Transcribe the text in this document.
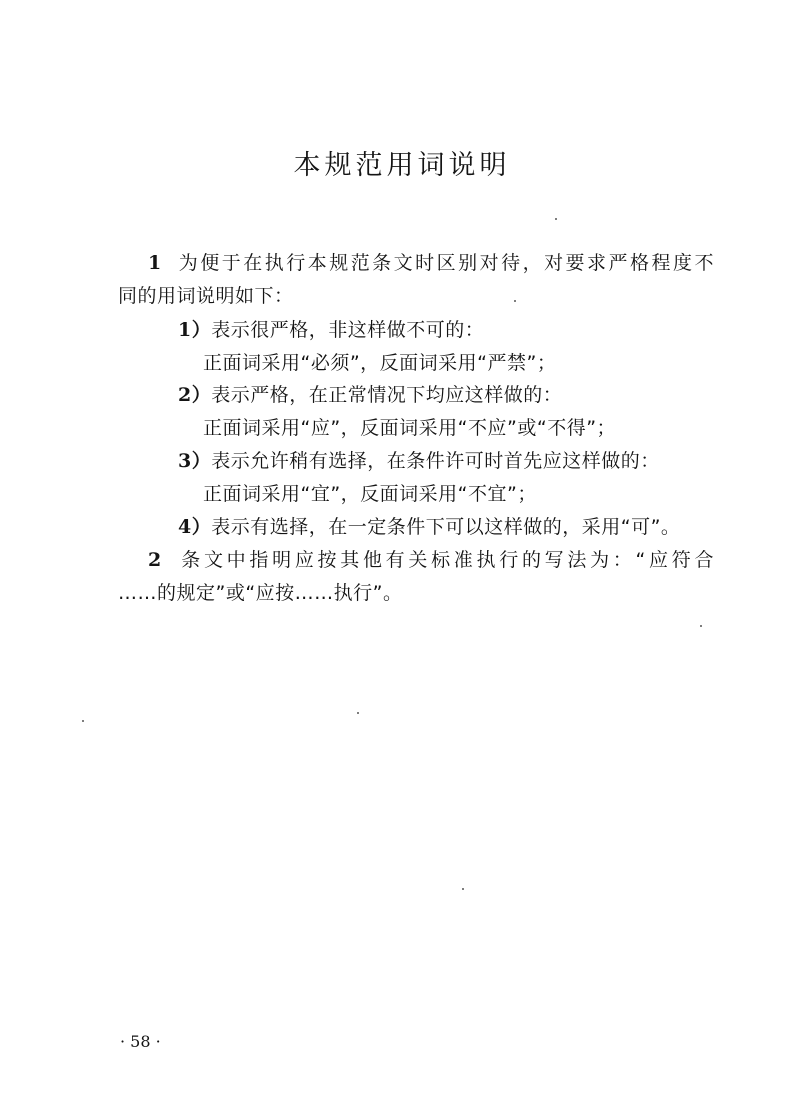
本规范用词说明
1 为便于在执行本规范条文时区别对待，对要求严格程度不
同的用词说明如下：
1）表示很严格，非这样做不可的：
正面词采用“必须”，反面词采用“严禁”；
2）表示严格，在正常情况下均应这样做的：
正面词采用“应”，反面词采用“不应”或“不得”；
3）表示允许稍有选择，在条件许可时首先应这样做的：
正面词采用“宜”，反面词采用“不宜”；
4）表示有选择，在一定条件下可以这样做的，采用“可”。
2 条文中指明应按其他有关标准执行的写法为：“应符合
……的规定”或“应按……执行”。
· 58 ·
